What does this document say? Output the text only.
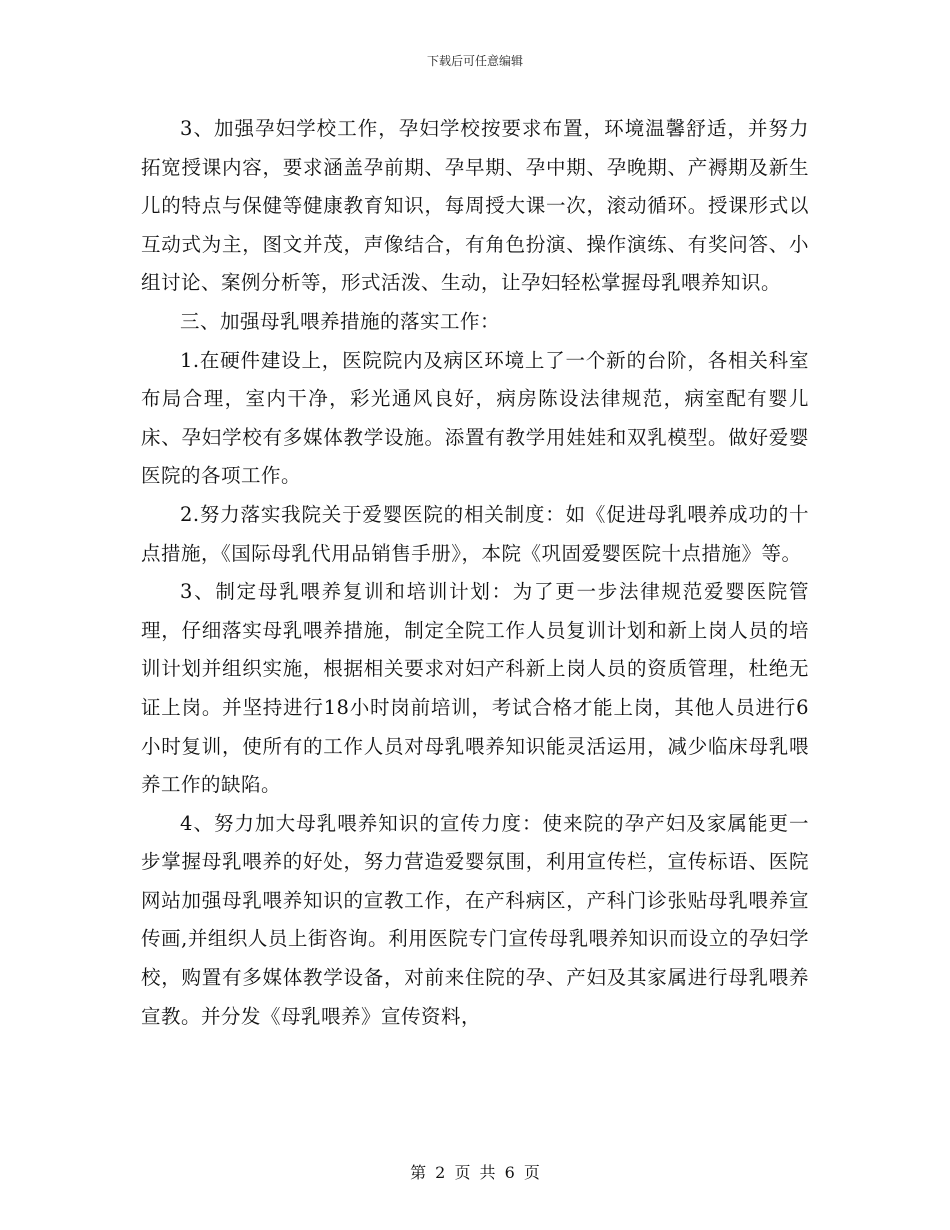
下载后可任意编辑

3、加强孕妇学校工作，孕妇学校按要求布置，环境温馨舒适，并努力拓宽授课内容，要求涵盖孕前期、孕早期、孕中期、孕晚期、产褥期及新生儿的特点与保健等健康教育知识，每周授大课一次，滚动循环。授课形式以互动式为主，图文并茂，声像结合，有角色扮演、操作演练、有奖问答、小组讨论、案例分析等，形式活泼、生动，让孕妇轻松掌握母乳喂养知识。

三、加强母乳喂养措施的落实工作：

1.在硬件建设上，医院院内及病区环境上了一个新的台阶，各相关科室布局合理，室内干净，彩光通风良好，病房陈设法律规范，病室配有婴儿床、孕妇学校有多媒体教学设施。添置有教学用娃娃和双乳模型。做好爱婴医院的各项工作。

2.努力落实我院关于爱婴医院的相关制度：如《促进母乳喂养成功的十点措施，《国际母乳代用品销售手册》，本院《巩固爱婴医院十点措施》等。

3、制定母乳喂养复训和培训计划：为了更一步法律规范爱婴医院管理，仔细落实母乳喂养措施，制定全院工作人员复训计划和新上岗人员的培训计划并组织实施，根据相关要求对妇产科新上岗人员的资质管理，杜绝无证上岗。并坚持进行18小时岗前培训，考试合格才能上岗，其他人员进行6小时复训，使所有的工作人员对母乳喂养知识能灵活运用，减少临床母乳喂养工作的缺陷。

4、努力加大母乳喂养知识的宣传力度：使来院的孕产妇及家属能更一步掌握母乳喂养的好处，努力营造爱婴氛围，利用宣传栏，宣传标语、医院网站加强母乳喂养知识的宣教工作，在产科病区，产科门诊张贴母乳喂养宣传画,并组织人员上街咨询。利用医院专门宣传母乳喂养知识而设立的孕妇学校，购置有多媒体教学设备，对前来住院的孕、产妇及其家属进行母乳喂养宣教。并分发《母乳喂养》宣传资料，

第 2 页 共 6 页
